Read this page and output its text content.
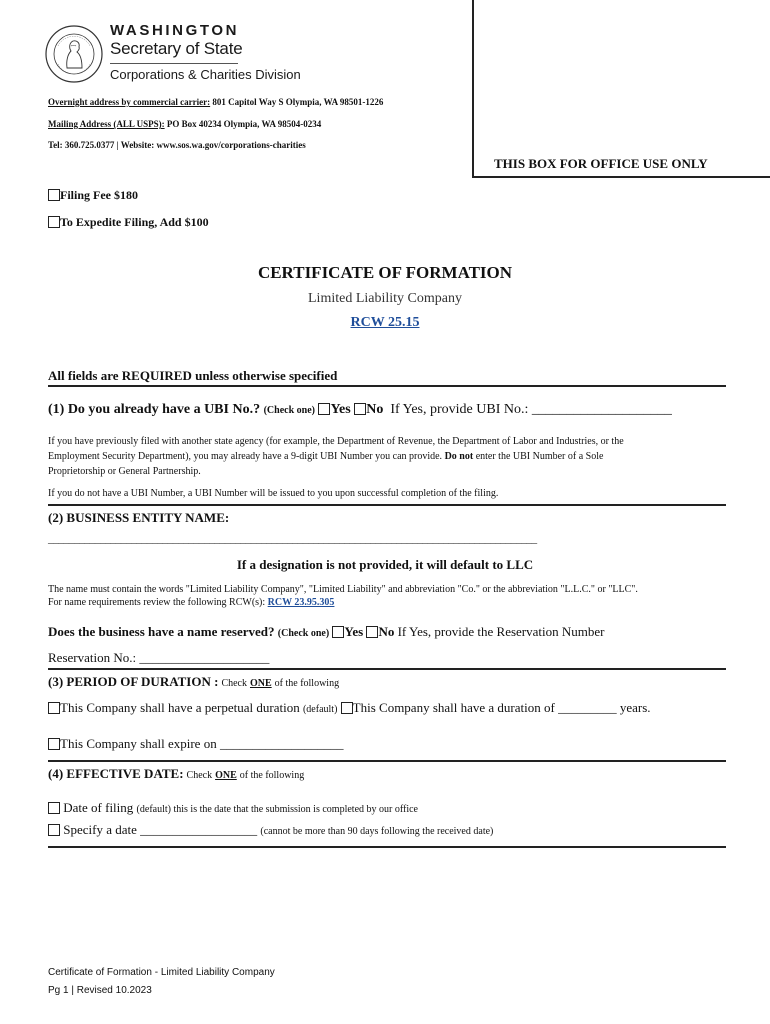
WASHINGTON
Secretary of State
Corporations & Charities Division
THIS BOX FOR OFFICE USE ONLY
Overnight address by commercial carrier: 801 Capitol Way S Olympia, WA 98501-1226
Mailing Address (ALL USPS): PO Box 40234 Olympia, WA 98504-0234
Tel: 360.725.0377 | Website: www.sos.wa.gov/corporations-charities
Filing Fee $180
To Expedite Filing, Add $100
CERTIFICATE OF FORMATION
Limited Liability Company
RCW 25.15
All fields are REQUIRED unless otherwise specified
(1) Do you already have a UBI No.? (Check one) Yes No If Yes, provide UBI No.: ____________________
If you have previously filed with another state agency (for example, the Department of Revenue, the Department of Labor and Industries, or the
Employment Security Department), you may already have a 9-digit UBI Number you can provide. Do not enter the UBI Number of a Sole
Proprietorship or General Partnership.
If you do not have a UBI Number, a UBI Number will be issued to you upon successful completion of the filing.
(2) BUSINESS ENTITY NAME:
______________________________________________________________________________________________
If a designation is not provided, it will default to LLC
The name must contain the words "Limited Liability Company", "Limited Liability" and abbreviation "Co." or the abbreviation "L.L.C." or "LLC".
For name requirements review the following RCW(s): RCW 23.95.305
Does the business have a name reserved? (Check one) Yes No If Yes, provide the Reservation Number
Reservation No.: ____________________
(3) PERIOD OF DURATION : Check ONE of the following
This Company shall have a perpetual duration (default) This Company shall have a duration of _________ years.
This Company shall expire on ___________________
(4) EFFECTIVE DATE: Check ONE of the following
Date of filing (default) this is the date that the submission is completed by our office
Specify a date __________________ (cannot be more than 90 days following the received date)
Certificate of Formation - Limited Liability Company
Pg 1 | Revised 10.2023
